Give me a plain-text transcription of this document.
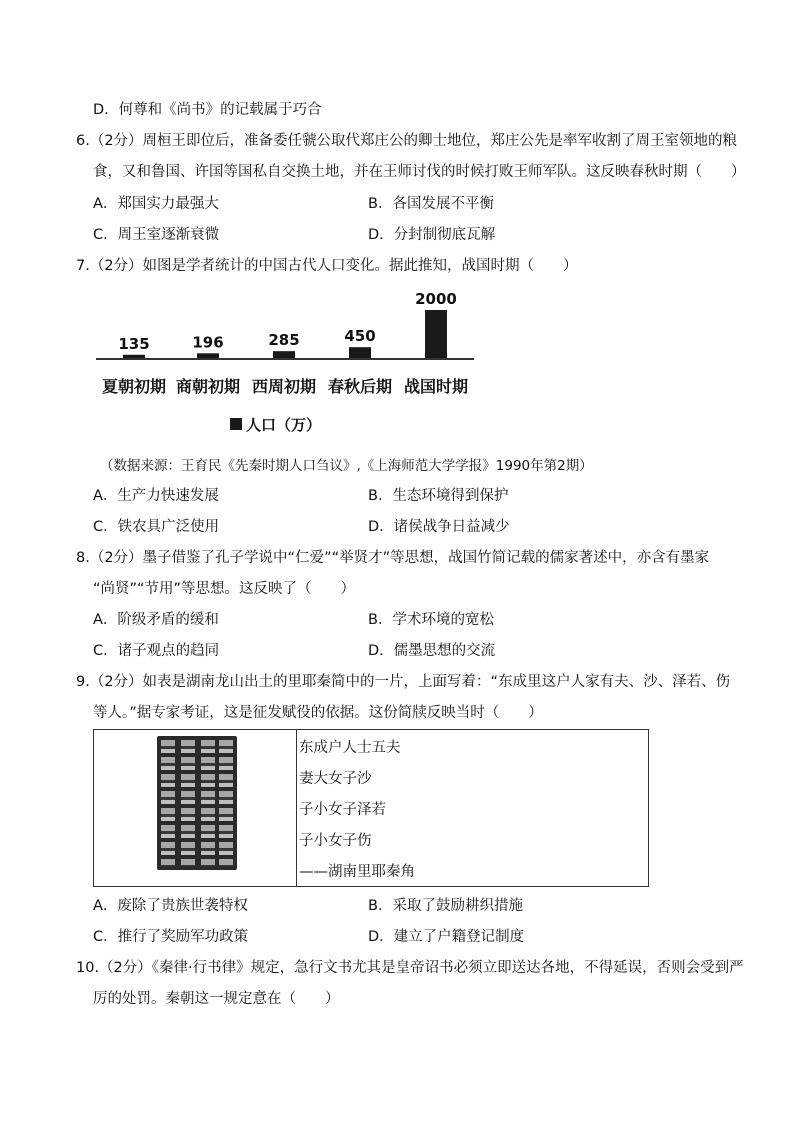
D．何尊和《尚书》的记载属于巧合
6.（2分）周桓王即位后，准备委任虢公取代郑庄公的卿士地位，郑庄公先是率军收割了周王室领地的粮
食，又和鲁国、许国等国私自交换土地，并在王师讨伐的时候打败王师军队。这反映春秋时期（　　）
A．郑国实力最强大	B．各国发展不平衡
C．周王室逐渐衰微	D．分封制彻底瓦解
7.（2分）如图是学者统计的中国古代人口变化。据此推知，战国时期（　　）
135	196	285	450
2000
夏朝初期 商朝初期 西周初期 春秋后期 战国时期
人口（万）
（数据来源：王育民《先秦时期人口刍议》,《上海师范大学学报》1990年第2期）
A．生产力快速发展	B．生态环境得到保护
C．铁农具广泛使用	D．诸侯战争日益减少
8.（2分）墨子借鉴了孔子学说中“仁爱”“举贤才”等思想，战国竹简记载的儒家著述中，亦含有墨家
“尚贤”“节用”等思想。这反映了（　　）
A．阶级矛盾的缓和	B．学术环境的宽松
C．诸子观点的趋同	D．儒墨思想的交流
9.（2分）如表是湖南龙山出土的里耶秦简中的一片，上面写着：“东成里这户人家有夫、沙、泽若、伤
等人。”据专家考证，这是征发赋役的依据。这份简牍反映当时（　　）
东成户人士五夫
妻大女子沙
子小女子泽若
子小女子伤
——湖南里耶秦角
A．废除了贵族世袭特权	B．采取了鼓励耕织措施
C．推行了奖励军功政策	D．建立了户籍登记制度
10.（2分）《秦律·行书律》规定，急行文书尤其是皇帝诏书必须立即送达各地，不得延误，否则会受到严
厉的处罚。秦朝这一规定意在（　　）
